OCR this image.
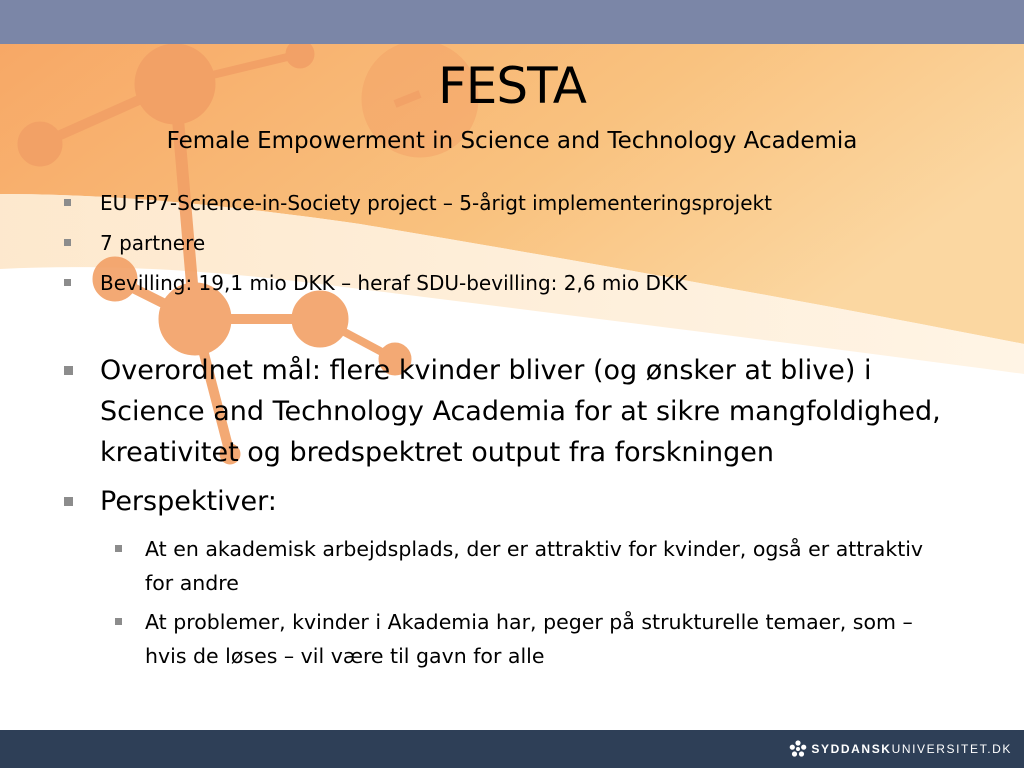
FESTA
Female Empowerment in Science and Technology Academia
EU FP7-Science-in-Society project – 5-årigt implementeringsprojekt
7 partnere
Bevilling: 19,1 mio DKK – heraf SDU-bevilling: 2,6 mio DKK
Overordnet mål: flere kvinder bliver (og ønsker at blive) i Science and Technology Academia for at sikre mangfoldighed, kreativitet og bredspektret output fra forskningen
Perspektiver:
At en akademisk arbejdsplads, der er attraktiv for kvinder, også er attraktiv for andre
At problemer, kvinder i Akademia har, peger på strukturelle temaer, som – hvis de løses – vil være til gavn for alle
SYDDANSK UNIVERSITET.DK
